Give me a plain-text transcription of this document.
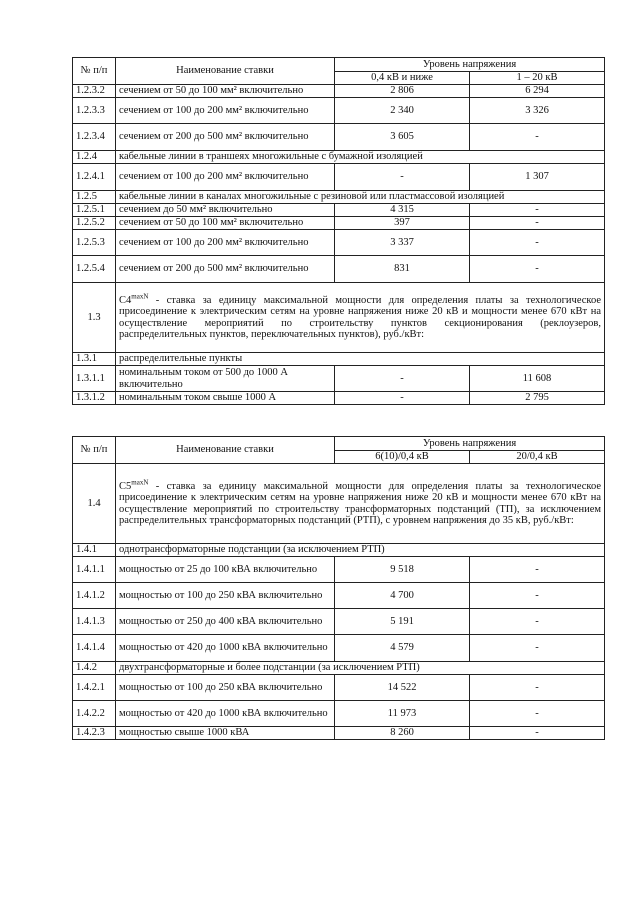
№ п/п	Наименование ставки	Уровень напряжения	
		0,4 кВ и ниже	1 – 20 кВ
1.2.3.2	сечением от 50 до 100 мм² включительно	2 806	6 294
1.2.3.3	сечением от 100 до 200 мм² включительно	2 340	3 326
1.2.3.4	сечением от 200 до 500 мм² включительно	3 605	-
1.2.4	кабельные линии в траншеях многожильные с бумажной изоляцией		
1.2.4.1	сечением от 100 до 200 мм² включительно	-	1 307
1.2.5	кабельные линии в каналах многожильные с резиновой или пластмассовой изоляцией		
1.2.5.1	сечением до 50 мм² включительно	4 315	-
1.2.5.2	сечением от 50 до 100 мм² включительно	397	-
1.2.5.3	сечением от 100 до 200 мм² включительно	3 337	-
1.2.5.4	сечением от 200 до 500 мм² включительно	831	-
1.3	$C4^{maxN}$ - ставка за единицу максимальной мощности для определения платы за технологическое присоединение к электрическим сетям на уровне напряжения ниже 20 кВ и мощности менее 670 кВт на осуществление мероприятий по строительству пунктов секционирования (реклоузеров, распределительных пунктов, переключательных пунктов), руб./кВт:		
1.3.1	распределительные пункты		
1.3.1.1	номинальным током от 500 до 1000 А включительно	-	11 608
1.3.1.2	номинальным током свыше 1000 А	-	2 795
№ п/п	Наименование ставки	Уровень напряжения	
		6(10)/0,4 кВ	20/0,4 кВ
1.4	$C5^{maxN}$ - ставка за единицу максимальной мощности для определения платы за технологическое присоединение к электрическим сетям на уровне напряжения ниже 20 кВ и мощности менее 670 кВт на осуществление мероприятий по строительству трансформаторных подстанций (ТП), за исключением распределительных трансформаторных подстанций (РТП), с уровнем напряжения до 35 кВ, руб./кВт:		
1.4.1	однотрансформаторные подстанции (за исключением РТП)		
1.4.1.1	мощностью от 25 до 100 кВА включительно	9 518	-
1.4.1.2	мощностью от 100 до 250 кВА включительно	4 700	-
1.4.1.3	мощностью от 250 до 400 кВА включительно	5 191	-
1.4.1.4	мощностью от 420 до 1000 кВА включительно	4 579	-
1.4.2	двухтрансформаторные и более подстанции (за исключением РТП)		
1.4.2.1	мощностью от 100 до 250 кВА включительно	14 522	-
1.4.2.2	мощностью от 420 до 1000 кВА включительно	11 973	-
1.4.2.3	мощностью свыше 1000 кВА	8 260	-
